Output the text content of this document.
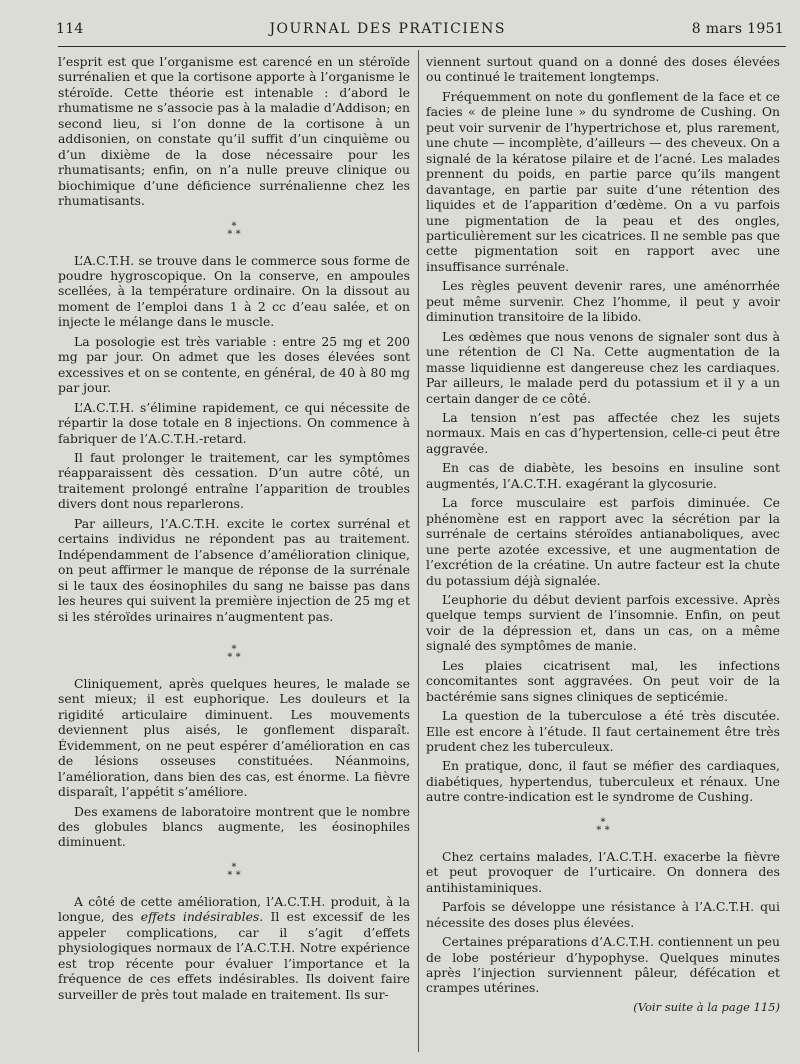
114	JOURNAL DES PRATICIENS	8 mars 1951

l’esprit est que l’organisme est carencé en un stéroïde surrénalien et que la cortisone apporte à l’organisme le stéroïde. Cette théorie est intenable : d’abord le rhumatisme ne s’associe pas à la maladie d’Addison; en second lieu, si l’on donne de la cortisone à un addisonien, on constate qu’il suffit d’un cinquième ou d’un dixième de la dose nécessaire pour les rhumatisants; enfin, on n’a nulle preuve clinique ou biochimique d’une déficience surrénalienne chez les rhumatisants.

*
* *

L’A.C.T.H. se trouve dans le commerce sous forme de poudre hygroscopique. On la conserve, en ampoules scellées, à la température ordinaire. On la dissout au moment de l’emploi dans 1 à 2 cc d’eau salée, et on injecte le mélange dans le muscle.

La posologie est très variable : entre 25 mg et 200 mg par jour. On admet que les doses élevées sont excessives et on se contente, en général, de 40 à 80 mg par jour.

L’A.C.T.H. s’élimine rapidement, ce qui nécessite de répartir la dose totale en 8 injections. On commence à fabriquer de l’A.C.T.H.-retard.

Il faut prolonger le traitement, car les symptômes réapparaissent dès cessation. D’un autre côté, un traitement prolongé entraîne l’apparition de troubles divers dont nous reparlerons.

Par ailleurs, l’A.C.T.H. excite le cortex surrénal et certains individus ne répondent pas au traitement. Indépendamment de l’absence d’amélioration clinique, on peut affirmer le manque de réponse de la surrénale si le taux des éosinophiles du sang ne baisse pas dans les heures qui suivent la première injection de 25 mg et si les stéroïdes urinaires n’augmentent pas.

*
* *

Cliniquement, après quelques heures, le malade se sent mieux; il est euphorique. Les douleurs et la rigidité articulaire diminuent. Les mouvements deviennent plus aisés, le gonflement disparaît. Évidemment, on ne peut espérer d’amélioration en cas de lésions osseuses constituées. Néanmoins, l’amélioration, dans bien des cas, est énorme. La fièvre disparaît, l’appétit s’améliore.

Des examens de laboratoire montrent que le nombre des globules blancs augmente, les éosinophiles diminuent.

*
* *

A côté de cette amélioration, l’A.C.T.H. produit, à la longue, des effets indésirables. Il est excessif de les appeler complications, car il s’agit d’effets physiologiques normaux de l’A.C.T.H. Notre expérience est trop récente pour évaluer l’importance et la fréquence de ces effets indésirables. Ils doivent faire surveiller de près tout malade en traitement. Ils sur-

viennent surtout quand on a donné des doses élevées ou continué le traitement longtemps.

Fréquemment on note du gonflement de la face et ce facies « de pleine lune » du syndrome de Cushing. On peut voir survenir de l’hypertrichose et, plus rarement, une chute — incomplète, d’ailleurs — des cheveux. On a signalé de la kératose pilaire et de l’acné. Les malades prennent du poids, en partie parce qu’ils mangent davantage, en partie par suite d’une rétention des liquides et de l’apparition d’œdème. On a vu parfois une pigmentation de la peau et des ongles, particulièrement sur les cicatrices. Il ne semble pas que cette pigmentation soit en rapport avec une insuffisance surrénale.

Les règles peuvent devenir rares, une aménorrhée peut même survenir. Chez l’homme, il peut y avoir diminution transitoire de la libido.

Les œdèmes que nous venons de signaler sont dus à une rétention de Cl Na. Cette augmentation de la masse liquidienne est dangereuse chez les cardiaques. Par ailleurs, le malade perd du potassium et il y a un certain danger de ce côté.

La tension n’est pas affectée chez les sujets normaux. Mais en cas d’hypertension, celle-ci peut être aggravée.

En cas de diabète, les besoins en insuline sont augmentés, l’A.C.T.H. exagérant la glycosurie.

La force musculaire est parfois diminuée. Ce phénomène est en rapport avec la sécrétion par la surrénale de certains stéroïdes antianaboliques, avec une perte azotée excessive, et une augmentation de l’excrétion de la créatine. Un autre facteur est la chute du potassium déjà signalée.

L’euphorie du début devient parfois excessive. Après quelque temps survient de l’insomnie. Enfin, on peut voir de la dépression et, dans un cas, on a même signalé des symptômes de manie.

Les plaies cicatrisent mal, les infections concomitantes sont aggravées. On peut voir de la bactérémie sans signes cliniques de septicémie.

La question de la tuberculose a été très discutée. Elle est encore à l’étude. Il faut certainement être très prudent chez les tuberculeux.

En pratique, donc, il faut se méfier des cardiaques, diabétiques, hypertendus, tuberculeux et rénaux. Une autre contre-indication est le syndrome de Cushing.

*
* *

Chez certains malades, l’A.C.T.H. exacerbe la fièvre et peut provoquer de l’urticaire. On donnera des antihistaminiques.

Parfois se développe une résistance à l’A.C.T.H. qui nécessite des doses plus élevées.

Certaines préparations d’A.C.T.H. contiennent un peu de lobe postérieur d’hypophyse. Quelques minutes après l’injection surviennent pâleur, défécation et crampes utérines.

(Voir suite à la page 115)
